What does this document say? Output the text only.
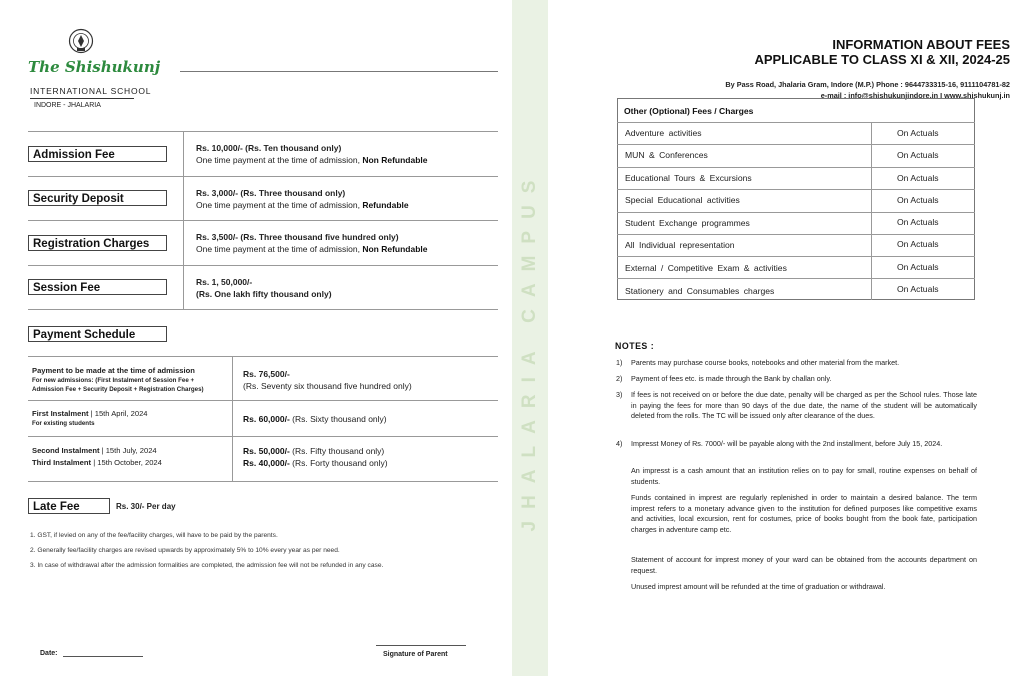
JHALARIA CAMPUS
The Shishukunj
INTERNATIONAL SCHOOL
INDORE - JHALARIA
INFORMATION ABOUT FEES
APPLICABLE TO CLASS XI & XII, 2024-25
By Pass Road, Jhalaria Gram, Indore (M.P.) Phone : 9644733315-16, 9111104781-82
e-mail : info@shishukunjindore.in I www.shishukunj.in
Admission Fee
Rs. 10,000/- (Rs. Ten thousand only)
One time payment at the time of admission, Non Refundable
Security Deposit	Rs. 3,000/- (Rs. Three thousand only)
One time payment at the time of admission, Refundable
Registration Charges
Rs. 3,500/- (Rs. Three thousand five hundred only)
One time payment at the time of admission, Non Refundable
Session Fee	Rs. 1, 50,000/-
(Rs. One lakh fifty thousand only)
Payment Schedule
Payment to be made at the time of admission
For new admissions: (First Instalment of Session Fee +
Admission Fee + Security Deposit + Registration Charges)
Rs. 76,500/-
(Rs. Seventy six thousand five hundred only)
First Instalment | 15th April, 2024
For existing students	Rs. 60,000/- (Rs. Sixty thousand only)
Second Instalment | 15th July, 2024
Third Instalment | 15th October, 2024
Rs. 50,000/- (Rs. Fifty thousand only)
Rs. 40,000/- (Rs. Forty thousand only)
Late Fee	Rs. 30/- Per day
1. GST, if levied on any of the fee/facility charges, will have to be paid by the parents.
2. Generally fee/facility charges are revised upwards by approximately 5% to 10% every year as per need.
3. In case of withdrawal after the admission formalities are completed, the admission fee will not be refunded in any case.
Date:	Signature of Parent
Other (Optional) Fees / Charges
Adventure activities	On Actuals
MUN & Conferences	On Actuals
Educational Tours & Excursions	On Actuals
Special Educational activities	On Actuals
Student Exchange programmes	On Actuals
All Individual representation	On Actuals
External / Competitive Exam & activities	On Actuals
Stationery and Consumables charges	On Actuals
NOTES :
1) Parents may purchase course books, notebooks and other material from the market.
2) Payment of fees etc. is made through the Bank by challan only.
3) If fees is not received on or before the due date, penalty will be charged as per the School rules. Those late in paying the fees for more than 90 days of the due date, the name of the student will be automatically deleted from the rolls. The TC will be issued only after clearance of the dues.
4) Impresst Money of Rs. 7000/- will be payable along with the 2nd installment, before July 15, 2024.
An impresst is a cash amount that an institution relies on to pay for small, routine expenses on behalf of students.
Funds contained in imprest are regularly replenished in order to maintain a desired balance. The term imprest refers to a monetary advance given to the institution for defined purposes like competitive exams and activities, local excursion, rent for costumes, price of books bought from the book fate, participation charges in adventure camp etc.
Statement of account for imprest money of your ward can be obtained from the accounts department on request.
Unused imprest amount will be refunded at the time of graduation or withdrawal.
